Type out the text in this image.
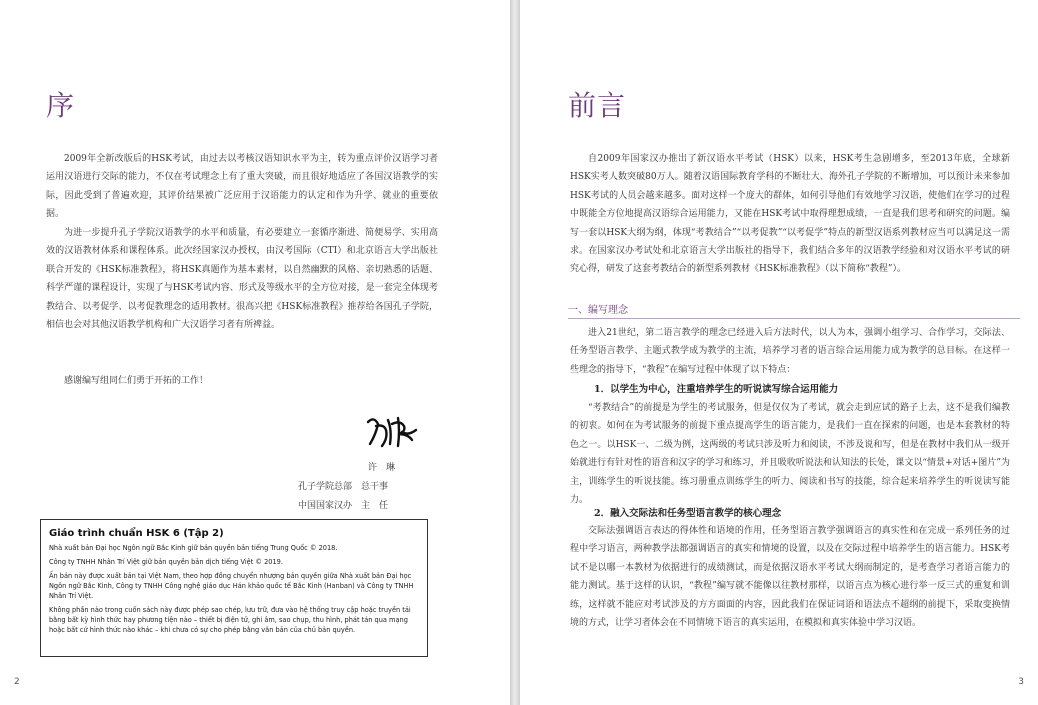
序

2009年全新改版后的HSK考试，由过去以考核汉语知识水平为主，转为重点评价汉语学习者运用汉语进行交际的能力，不仅在考试理念上有了重大突破，而且很好地适应了各国汉语教学的实际，因此受到了普遍欢迎，其评价结果被广泛应用于汉语能力的认定和作为升学、就业的重要依据。

为进一步提升孔子学院汉语教学的水平和质量，有必要建立一套循序渐进、简便易学、实用高效的汉语教材体系和课程体系。此次经国家汉办授权，由汉考国际（CTI）和北京语言大学出版社联合开发的《HSK标准教程》，将HSK真题作为基本素材，以自然幽默的风格、亲切熟悉的话题、科学严谨的课程设计，实现了与HSK考试内容、形式及等级水平的全方位对接，是一套完全体现考教结合、以考促学、以考促教理念的适用教材。很高兴把《HSK标准教程》推荐给各国孔子学院，相信也会对其他汉语教学机构和广大汉语学习者有所裨益。

感谢编写组同仁们勇于开拓的工作！

许　琳
孔子学院总部　总干事
中国国家汉办　主　任
Giáo trình chuẩn HSK 6 (Tập 2)

Nhà xuất bản Đại học Ngôn ngữ Bắc Kinh giữ bản quyền bản tiếng Trung Quốc © 2018.

Công ty TNHH Nhân Trí Việt giữ bản quyền bản dịch tiếng Việt © 2019.

Ấn bản này được xuất bản tại Việt Nam, theo hợp đồng chuyển nhượng bản quyền giữa Nhà xuất bản Đại học Ngôn ngữ Bắc Kinh, Công ty TNHH Công nghệ giáo dục Hán khảo quốc tế Bắc Kinh (Hanban) và Công ty TNHH Nhân Trí Việt.

Không phần nào trong cuốn sách này được phép sao chép, lưu trữ, đưa vào hệ thống truy cập hoặc truyền tải bằng bất kỳ hình thức hay phương tiện nào – thiết bị điện tử, ghi âm, sao chụp, thu hình, phát tán qua mạng hoặc bất cứ hình thức nào khác – khi chưa có sự cho phép bằng văn bản của chủ bản quyền.

2
前言

自2009年国家汉办推出了新汉语水平考试（HSK）以来，HSK考生急剧增多，至2013年底，全球新HSK实考人数突破80万人。随着汉语国际教育学科的不断壮大、海外孔子学院的不断增加，可以预计未来参加HSK考试的人员会越来越多。面对这样一个庞大的群体，如何引导他们有效地学习汉语，使他们在学习的过程中既能全方位地提高汉语综合运用能力，又能在HSK考试中取得理想成绩，一直是我们思考和研究的问题。编写一套以HSK大纲为纲，体现“考教结合”“以考促教”“以考促学”特点的新型汉语系列教材应当可以满足这一需求。在国家汉办考试处和北京语言大学出版社的指导下，我们结合多年的汉语教学经验和对汉语水平考试的研究心得，研发了这套考教结合的新型系列教材《HSK标准教程》（以下简称“教程”）。

一、编写理念

进入21世纪，第二语言教学的理念已经进入后方法时代，以人为本，强调小组学习、合作学习，交际法、任务型语言教学、主题式教学成为教学的主流，培养学习者的语言综合运用能力成为教学的总目标。在这样一些理念的指导下，“教程”在编写过程中体现了以下特点：

1．以学生为中心，注重培养学生的听说读写综合运用能力

“考教结合”的前提是为学生的考试服务，但是仅仅为了考试，就会走到应试的路子上去，这不是我们编教的初衷。如何在为考试服务的前提下重点提高学生的语言能力，是我们一直在探索的问题，也是本套教材的特色之一。以HSK一、二级为例，这两级的考试只涉及听力和阅读，不涉及说和写，但是在教材中我们从一级开始就进行有针对性的语音和汉字的学习和练习，并且吸收听说法和认知法的长处，课文以“情景+对话+图片”为主，训练学生的听说技能。练习册重点训练学生的听力、阅读和书写的技能，综合起来培养学生的听说读写能力。

2．融入交际法和任务型语言教学的核心理念

交际法强调语言表达的得体性和语境的作用，任务型语言教学强调语言的真实性和在完成一系列任务的过程中学习语言，两种教学法都强调语言的真实和情境的设置，以及在交际过程中培养学生的语言能力。HSK考试不是以哪一本教材为依据进行的成绩测试，而是依据汉语水平考试大纲而制定的，是考查学习者语言能力的能力测试。基于这样的认识，“教程”编写就不能像以往教材那样，以语言点为核心进行举一反三式的重复和训练，这样就不能应对考试涉及的方方面面的内容，因此我们在保证词语和语法点不超纲的前提下，采取变换情境的方式，让学习者体会在不同情境下语言的真实运用，在模拟和真实体验中学习汉语。

3
